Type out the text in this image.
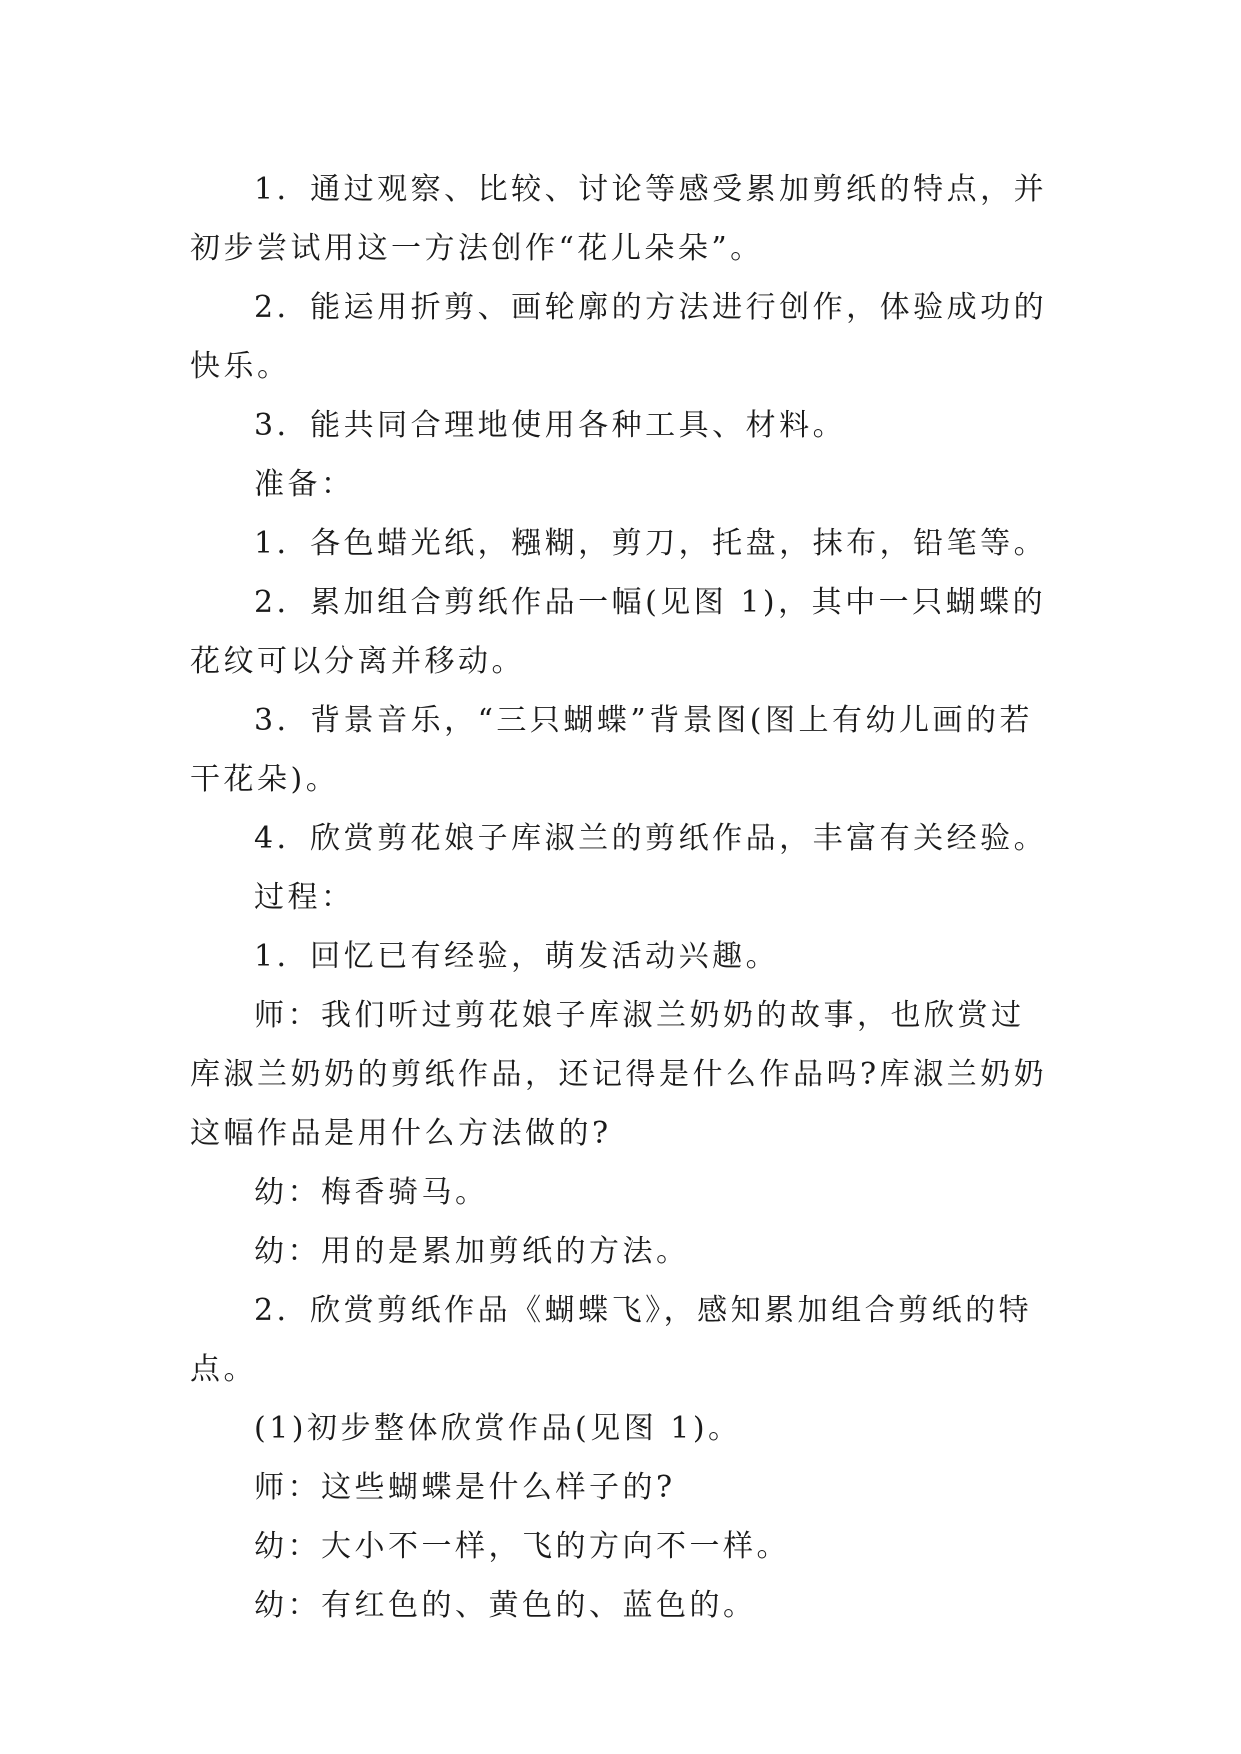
1．通过观察、比较、讨论等感受累加剪纸的特点，并初步尝试用这一方法创作“花儿朵朵”。

2．能运用折剪、画轮廓的方法进行创作，体验成功的快乐。

3．能共同合理地使用各种工具、材料。

准备：

1．各色蜡光纸，糨糊，剪刀，托盘，抹布，铅笔等。

2．累加组合剪纸作品一幅(见图 1)，其中一只蝴蝶的花纹可以分离并移动。

3．背景音乐，“三只蝴蝶”背景图(图上有幼儿画的若干花朵)。

4．欣赏剪花娘子库淑兰的剪纸作品，丰富有关经验。

过程：

1．回忆已有经验，萌发活动兴趣。

师：我们听过剪花娘子库淑兰奶奶的故事，也欣赏过库淑兰奶奶的剪纸作品，还记得是什么作品吗?库淑兰奶奶这幅作品是用什么方法做的?

幼：梅香骑马。

幼：用的是累加剪纸的方法。

2．欣赏剪纸作品《蝴蝶飞》，感知累加组合剪纸的特点。

(1)初步整体欣赏作品(见图 1)。

师：这些蝴蝶是什么样子的?

幼：大小不一样，飞的方向不一样。

幼：有红色的、黄色的、蓝色的。
